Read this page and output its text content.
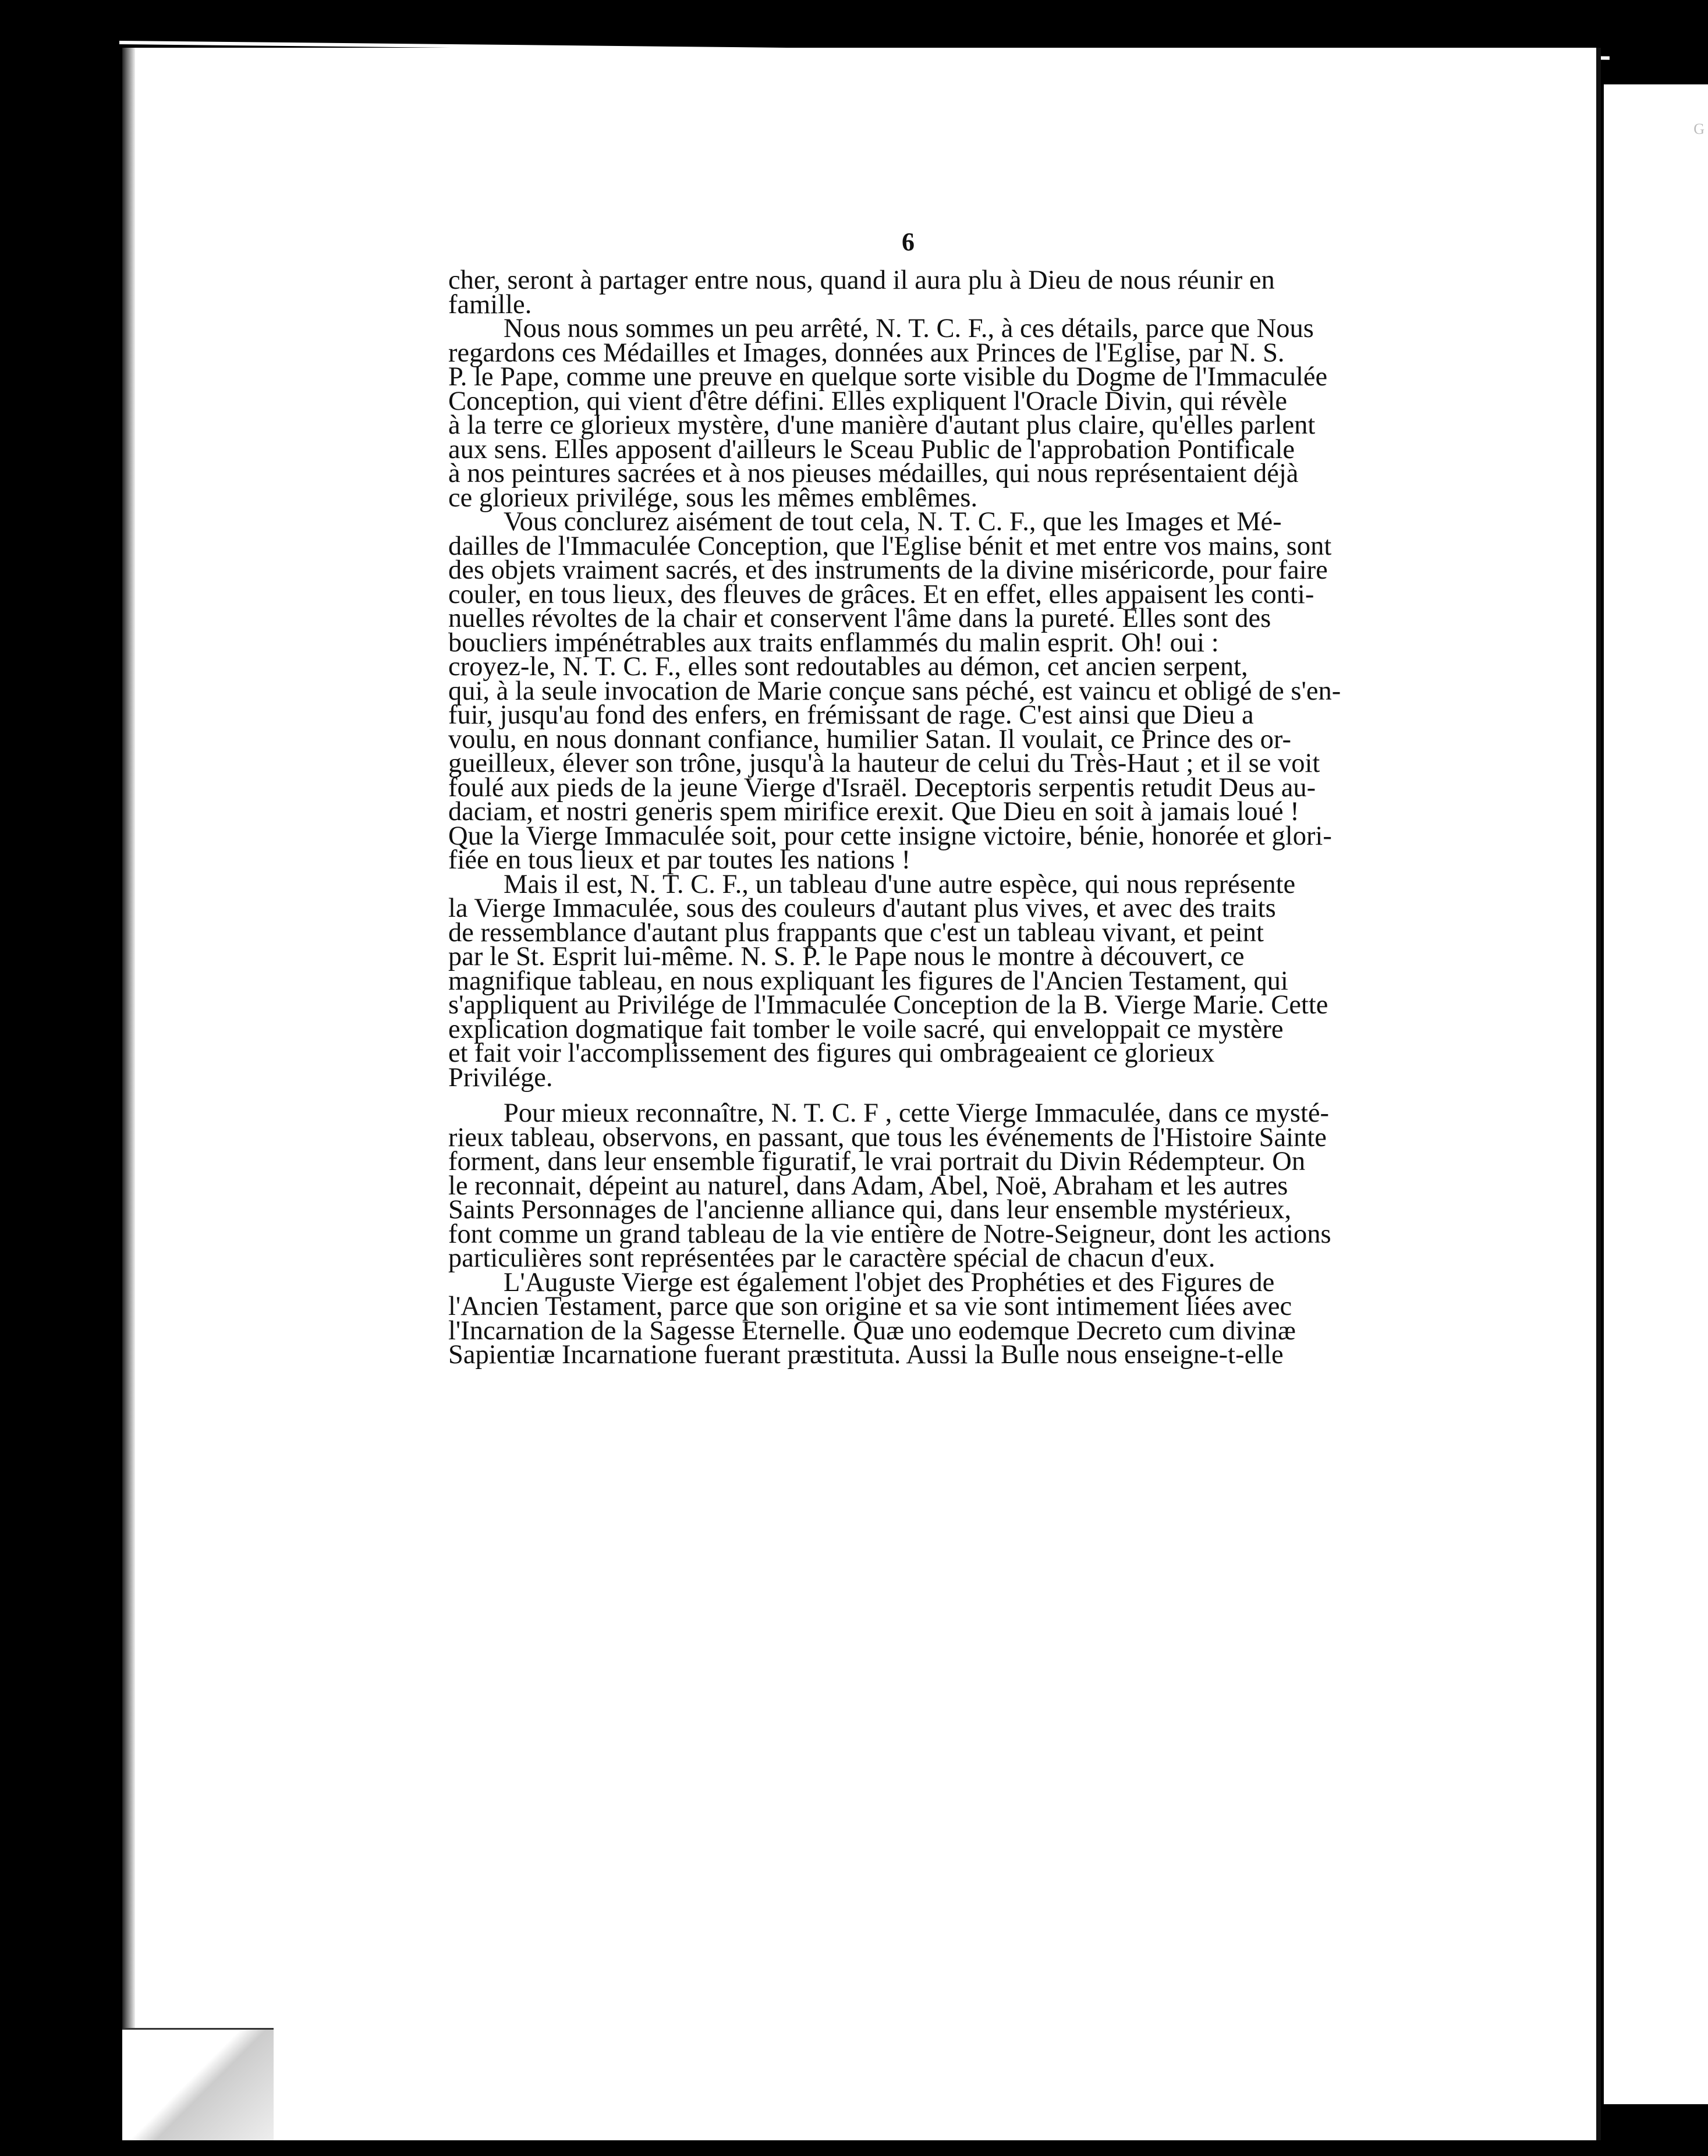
G
6

cher, seront à partager entre nous, quand il aura plu à Dieu de nous réunir en
famille.

Nous nous sommes un peu arrêté, N. T. C. F., à ces détails, parce que Nous
regardons ces Médailles et Images, données aux Princes de l'Eglise, par N. S.
P. le Pape, comme une preuve en quelque sorte visible du Dogme de l'Immaculée
Conception, qui vient d'être défini. Elles expliquent l'Oracle Divin, qui révèle
à la terre ce glorieux mystère, d'une manière d'autant plus claire, qu'elles parlent
aux sens. Elles apposent d'ailleurs le Sceau Public de l'approbation Pontificale
à nos peintures sacrées et à nos pieuses médailles, qui nous représentaient déjà
ce glorieux privilége, sous les mêmes emblêmes.

Vous conclurez aisément de tout cela, N. T. C. F., que les Images et Mé-
dailles de l'Immaculée Conception, que l'Eglise bénit et met entre vos mains, sont
des objets vraiment sacrés, et des instruments de la divine miséricorde, pour faire
couler, en tous lieux, des fleuves de grâces. Et en effet, elles appaisent les conti-
nuelles révoltes de la chair et conservent l'âme dans la pureté. Elles sont des
boucliers impénétrables aux traits enflammés du malin esprit. Oh! oui :
croyez-le, N. T. C. F., elles sont redoutables au démon, cet ancien serpent,
qui, à la seule invocation de Marie conçue sans péché, est vaincu et obligé de s'en-
fuir, jusqu'au fond des enfers, en frémissant de rage. C'est ainsi que Dieu a
voulu, en nous donnant confiance, humilier Satan. Il voulait, ce Prince des or-
gueilleux, élever son trône, jusqu'à la hauteur de celui du Très-Haut ; et il se voit
foulé aux pieds de la jeune Vierge d'Israël. Deceptoris serpentis retudit Deus au-
daciam, et nostri generis spem mirifice erexit. Que Dieu en soit à jamais loué !
Que la Vierge Immaculée soit, pour cette insigne victoire, bénie, honorée et glori-
fiée en tous lieux et par toutes les nations !

Mais il est, N. T. C. F., un tableau d'une autre espèce, qui nous représente
la Vierge Immaculée, sous des couleurs d'autant plus vives, et avec des traits
de ressemblance d'autant plus frappants que c'est un tableau vivant, et peint
par le St. Esprit lui-même. N. S. P. le Pape nous le montre à découvert, ce
magnifique tableau, en nous expliquant les figures de l'Ancien Testament, qui
s'appliquent au Privilége de l'Immaculée Conception de la B. Vierge Marie. Cette
explication dogmatique fait tomber le voile sacré, qui enveloppait ce mystère
et fait voir l'accomplissement des figures qui ombrageaient ce glorieux
Privilége.

Pour mieux reconnaître, N. T. C. F , cette Vierge Immaculée, dans ce mysté-
rieux tableau, observons, en passant, que tous les événements de l'Histoire Sainte
forment, dans leur ensemble figuratif, le vrai portrait du Divin Rédempteur. On
le reconnait, dépeint au naturel, dans Adam, Abel, Noë, Abraham et les autres
Saints Personnages de l'ancienne alliance qui, dans leur ensemble mystérieux,
font comme un grand tableau de la vie entière de Notre-Seigneur, dont les actions
particulières sont représentées par le caractère spécial de chacun d'eux.

L'Auguste Vierge est également l'objet des Prophéties et des Figures de
l'Ancien Testament, parce que son origine et sa vie sont intimement liées avec
l'Incarnation de la Sagesse Eternelle. Quæ uno eodemque Decreto cum divinæ
Sapientiæ Incarnatione fuerant præstituta. Aussi la Bulle nous enseigne-t-elle
